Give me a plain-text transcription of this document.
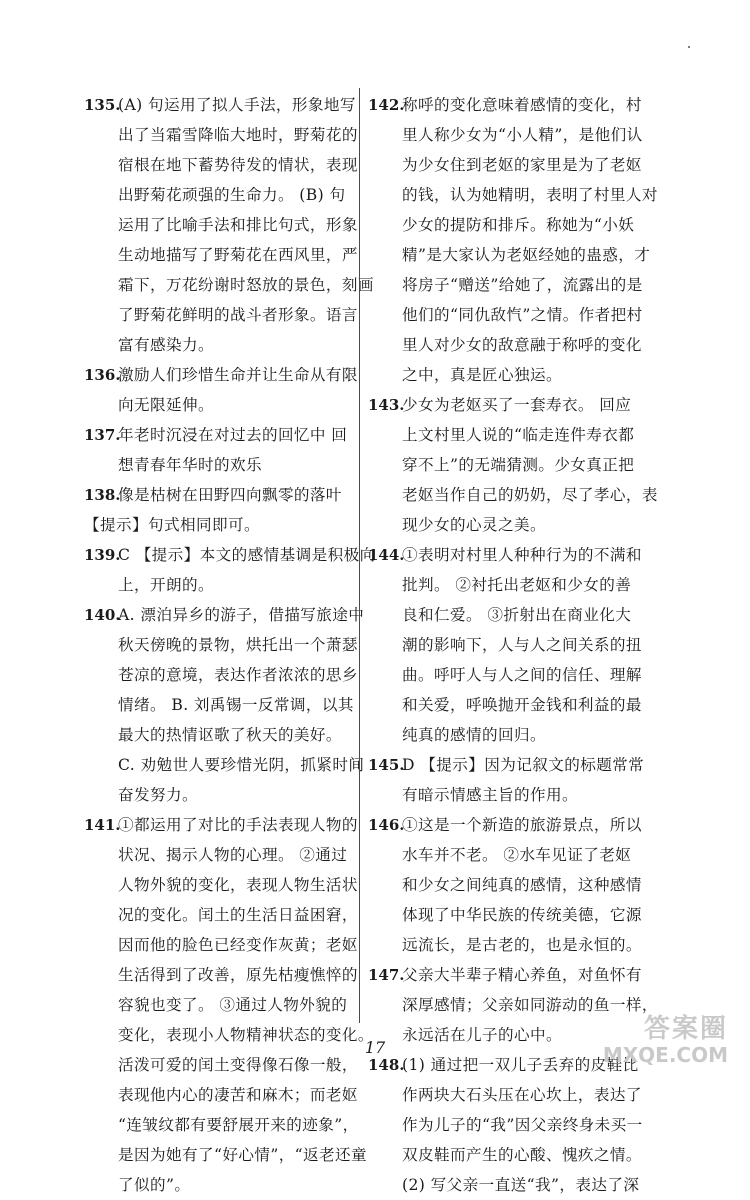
135.
(A) 句运用了拟人手法，形象地写
出了当霜雪降临大地时，野菊花的
宿根在地下蓄势待发的情状，表现
出野菊花顽强的生命力。 (B) 句
运用了比喻手法和排比句式，形象
生动地描写了野菊花在西风里，严
霜下，万花纷谢时怒放的景色，刻画
了野菊花鲜明的战斗者形象。语言
富有感染力。
136.
激励人们珍惜生命并让生命从有限
向无限延伸。
137.
年老时沉浸在对过去的回忆中 回
想青春年华时的欢乐
138.
像是枯树在田野四向飘零的落叶
【提示】句式相同即可。
139.
C 【提示】本文的感情基调是积极向
上，开朗的。
140.
A. 漂泊异乡的游子，借描写旅途中
秋天傍晚的景物，烘托出一个萧瑟
苍凉的意境，表达作者浓浓的思乡
情绪。 B. 刘禹锡一反常调，以其
最大的热情讴歌了秋天的美好。
C. 劝勉世人要珍惜光阴，抓紧时间
奋发努力。
141.
①都运用了对比的手法表现人物的
状况、揭示人物的心理。 ②通过
人物外貌的变化，表现人物生活状
况的变化。闰土的生活日益困窘，
因而他的脸色已经变作灰黄；老妪
生活得到了改善，原先枯瘦憔悴的
容貌也变了。 ③通过人物外貌的
变化，表现小人物精神状态的变化。
活泼可爱的闰土变得像石像一般，
表现他内心的凄苦和麻木；而老妪
“连皱纹都有要舒展开来的迹象”，
是因为她有了“好心情”，“返老还童
了似的”。
142.
称呼的变化意味着感情的变化，村
里人称少女为“小人精”，是他们认
为少女住到老妪的家里是为了老妪
的钱，认为她精明，表明了村里人对
少女的提防和排斥。称她为“小妖
精”是大家认为老妪经她的蛊惑，才
将房子“赠送”给她了，流露出的是
他们的“同仇敌忾”之情。作者把村
里人对少女的敌意融于称呼的变化
之中，真是匠心独运。
143.
少女为老妪买了一套寿衣。 回应
上文村里人说的“临走连件寿衣都
穿不上”的无端猜测。少女真正把
老妪当作自己的奶奶，尽了孝心，表
现少女的心灵之美。
144.
①表明对村里人种种行为的不满和
批判。 ②衬托出老妪和少女的善
良和仁爱。 ③折射出在商业化大
潮的影响下，人与人之间关系的扭
曲。呼吁人与人之间的信任、理解
和关爱，呼唤抛开金钱和利益的最
纯真的感情的回归。
145.
D 【提示】因为记叙文的标题常常
有暗示情感主旨的作用。
146.
①这是一个新造的旅游景点，所以
水车并不老。 ②水车见证了老妪
和少女之间纯真的感情，这种感情
体现了中华民族的传统美德，它源
远流长，是古老的，也是永恒的。
147.
父亲大半辈子精心养鱼，对鱼怀有
深厚感情；父亲如同游动的鱼一样，
永远活在儿子的心中。
148.
(1) 通过把一双儿子丢弃的皮鞋比
作两块大石头压在心坎上，表达了
作为儿子的“我”因父亲终身未买一
双皮鞋而产生的心酸、愧疚之情。
(2) 写父亲一直送“我”，表达了深
17
答案圈
MXQE.COM
